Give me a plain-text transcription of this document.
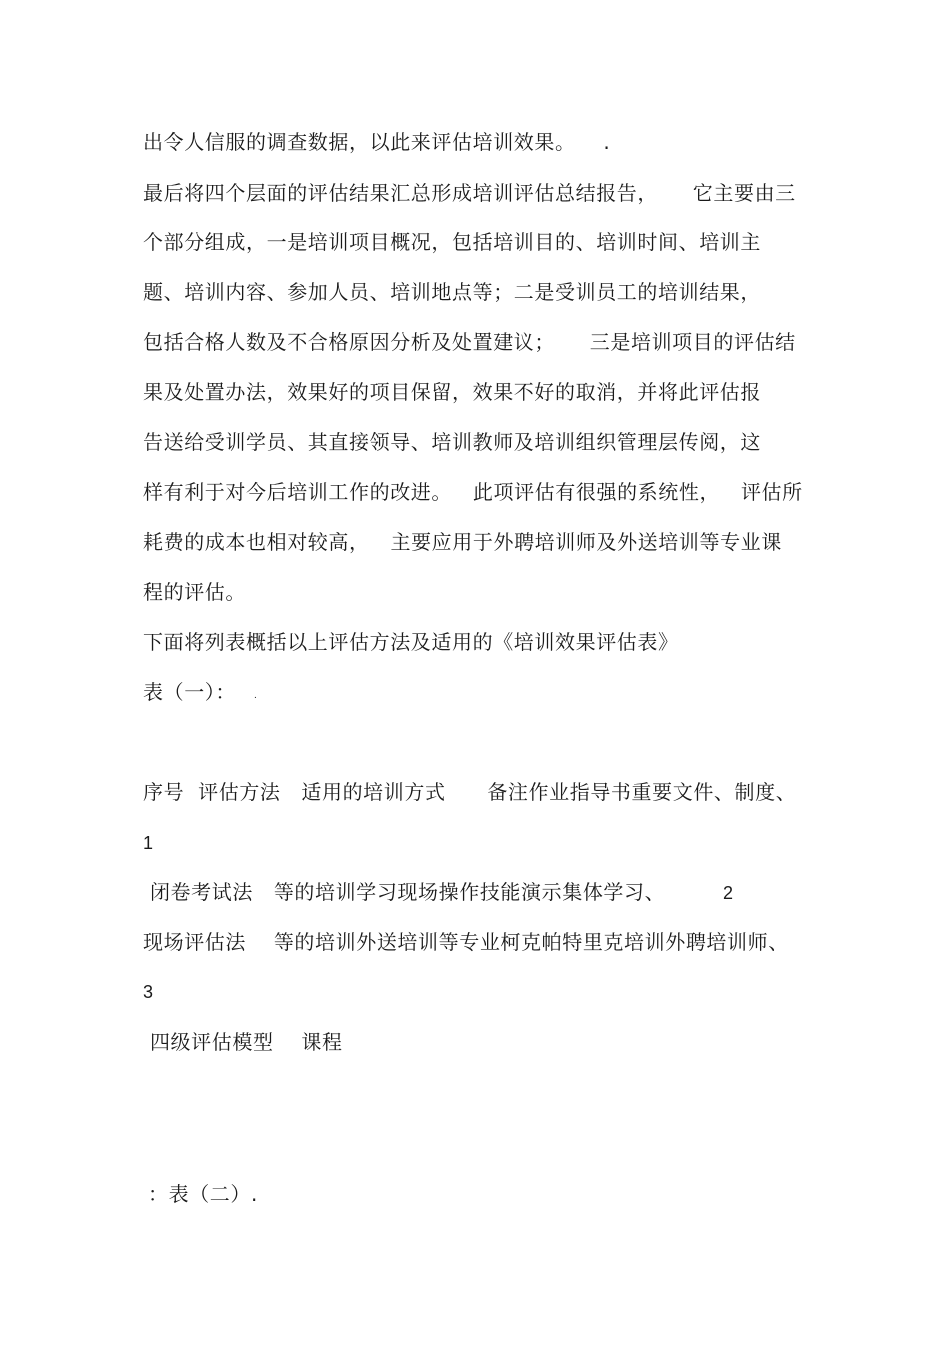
出令人信服的调查数据，以此来评估培训效果。    .
最后将四个层面的评估结果汇总形成培训评估总结报告，     它主要由三
个部分组成，一是培训项目概况，包括培训目的、培训时间、培训主
题、培训内容、参加人员、培训地点等；二是受训员工的培训结果，
包括合格人数及不合格原因分析及处置建议；     三是培训项目的评估结
果及处置办法，效果好的项目保留，效果不好的取消，并将此评估报
告送给受训学员、其直接领导、培训教师及培训组织管理层传阅，这
样有利于对今后培训工作的改进。   此项评估有很强的系统性，   评估所
耗费的成本也相对较高，   主要应用于外聘培训师及外送培训等专业课
程的评估。
下面将列表概括以上评估方法及适用的《培训效果评估表》
表（一）： .
序号  评估方法   适用的培训方式      备注作业指导书重要文件、制度、
1
闭卷考试法   等的培训学习现场操作技能演示集体学习、	2
现场评估法    等的培训外送培训等专业柯克帕特里克培训外聘培训师、
3
四级评估模型    课程
：表（二）.
